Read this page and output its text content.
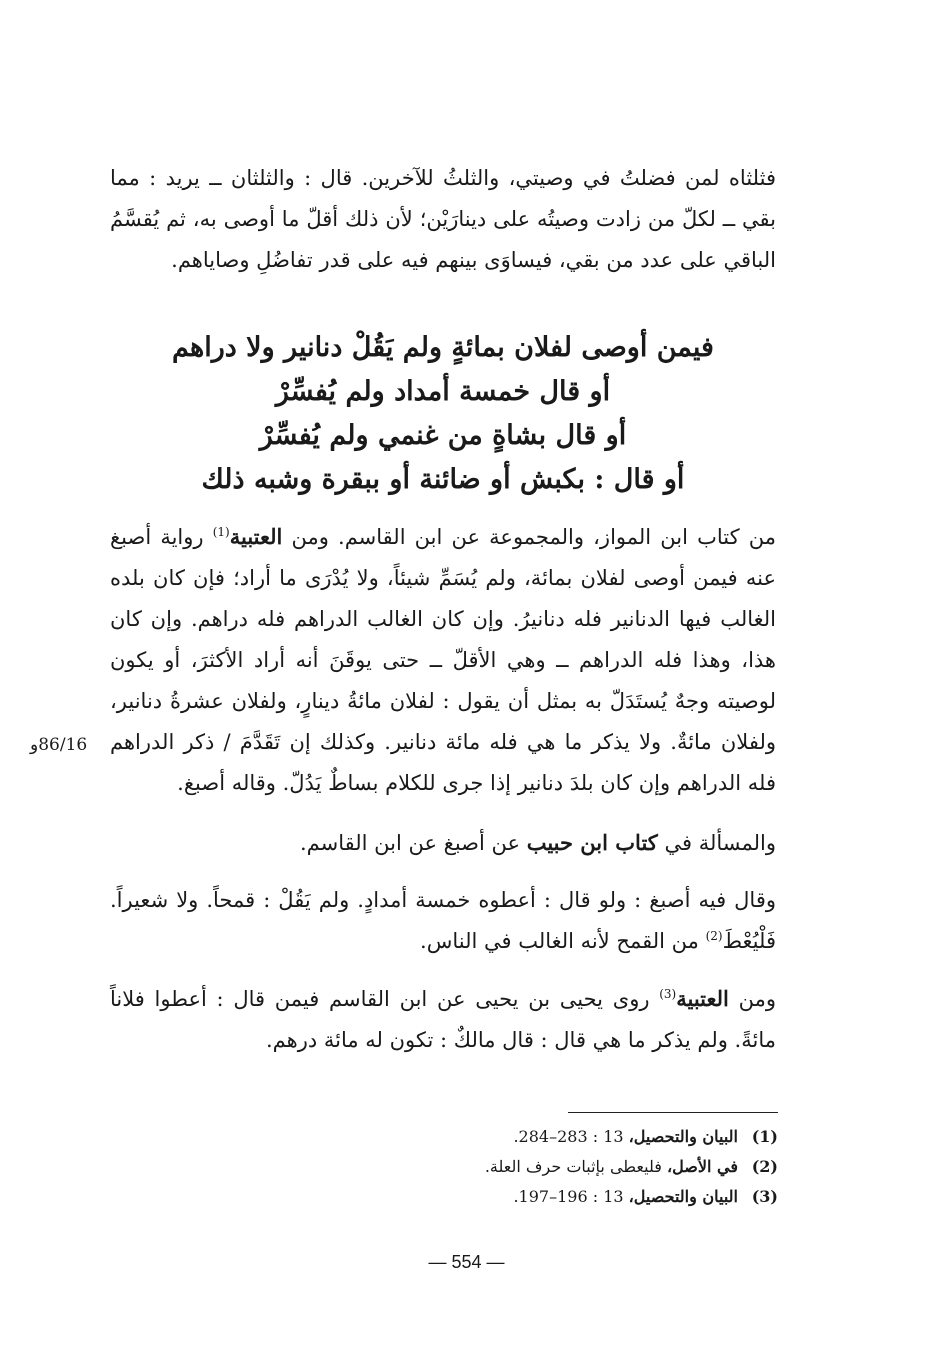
فثلثاه لمن فضلتُ في وصيتي، والثلثُ للآخرين. قال : والثلثان ــ يريد : مما بقي ــ لكلّ من زادت وصيتُه على دينارَيْن؛ لأن ذلك أقلّ ما أوصى به، ثم يُقسَّمُ الباقي على عدد من بقي، فيساوَى بينهم فيه على قدر تفاضُلِ وصاياهم.

فيمن أوصى لفلان بمائةٍ ولم يَقُلْ دنانير ولا دراهم
أو قال خمسة أمداد ولم يُفسِّرْ
أو قال بشاةٍ من غنمي ولم يُفسِّرْ
أو قال : بكبش أو ضائنة أو ببقرة وشبه ذلك

من كتاب ابن المواز، والمجموعة عن ابن القاسم. ومن العتبية$^{(1)}$ رواية أصبغ عنه فيمن أوصى لفلان بمائة، ولم يُسَمِّ شيئاً، ولا يُدْرَى ما أراد؛ فإن كان بلده الغالب فيها الدنانير فله دنانيرُ. وإن كان الغالب الدراهم فله دراهم. وإن كان هذا، وهذا فله الدراهم ــ وهي الأقلّ ــ حتى يوقَنَ أنه أراد الأكثرَ، أو يكون لوصيته وجهٌ يُستَدَلّ به بمثل أن يقول : لفلان مائةُ دينارٍ، ولفلان عشرةُ دنانير، ولفلان مائةٌ. ولا يذكر ما هي فله مائة دنانير. وكذلك إن تَقَدَّمَ / ذكر الدراهم فله الدراهم وإن كان بلدَ دنانير إذا جرى للكلام بساطٌ يَدُلّ. وقاله أصبغ.

86/16و

والمسألة في كتاب ابن حبيب عن أصبغ عن ابن القاسم.

وقال فيه أصبغ : ولو قال : أعطوه خمسة أمدادٍ. ولم يَقُلْ : قمحاً. ولا شعيراً. فَلْيُعْطَ$^{(2)}$ من القمح لأنه الغالب في الناس.

ومن العتبية$^{(3)}$ روى يحيى بن يحيى عن ابن القاسم فيمن قال : أعطوا فلاناً مائةً. ولم يذكر ما هي قال : قال مالكٌ : تكون له مائة درهم.

(1)
البيان والتحصيل، 13 : 283–284.
(2)
في الأصل، فليعطى بإثبات حرف العلة.
(3)
البيان والتحصيل، 13 : 196–197.
— 554 —
